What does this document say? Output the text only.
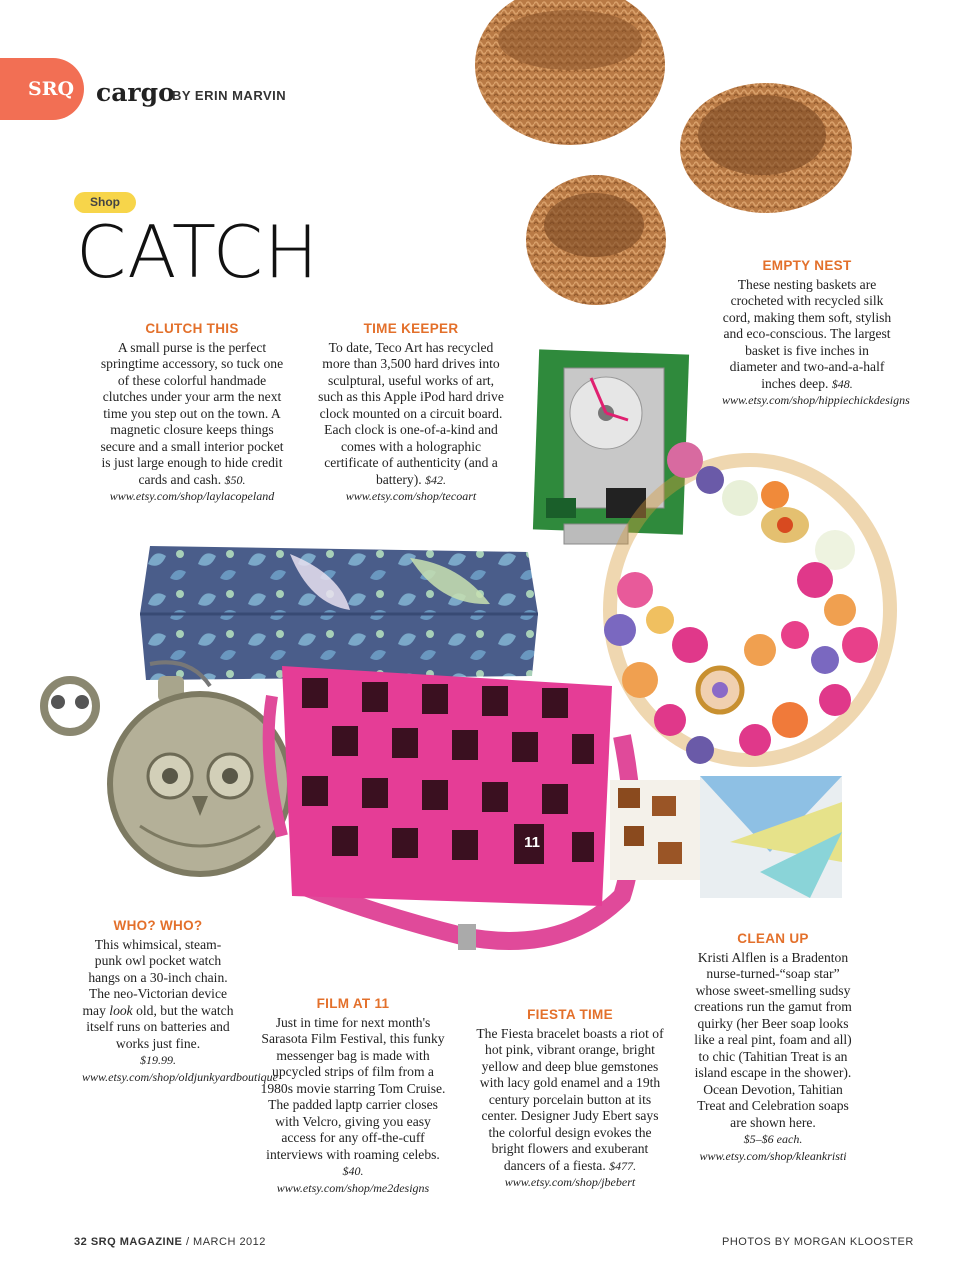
SRQ cargo
BY ERIN MARVIN
Shop
CATCH
11
CLUTCH THIS
A small purse is the perfect springtime accessory, so tuck one of these colorful handmade clutches under your arm the next time you step out on the town. A magnetic closure keeps things secure and a small interior pocket is just large enough to hide credit cards and cash. $50.
www.etsy.com/shop/laylacopeland
TIME KEEPER
To date, Teco Art has recycled more than 3,500 hard drives into sculptural, useful works of art, such as this Apple iPod hard drive clock mounted on a circuit board. Each clock is one-of-a-kind and comes with a holographic certificate of authenticity (and a battery). $42.
www.etsy.com/shop/tecoart
EMPTY NEST
These nesting baskets are crocheted with recycled silk cord, making them soft, stylish and eco-conscious. The largest basket is five inches in diameter and two-and-a-half inches deep. $48.
www.etsy.com/shop/hippiechickdesigns
WHO? WHO?
This whimsical, steam-punk owl pocket watch hangs on a 30-inch chain. The neo-Victorian device may look old, but the watch itself runs on batteries and works just fine.
$19.99. www.etsy.com/shop/oldjunkyardboutique
FILM AT 11
Just in time for next month's Sarasota Film Festival, this funky messenger bag is made with upcycled strips of film from a 1980s movie starring Tom Cruise. The padded laptp carrier closes with Velcro, giving you easy access for any off-the-cuff interviews with roaming celebs. $40.
www.etsy.com/shop/me2designs
FIESTA TIME
The Fiesta bracelet boasts a riot of hot pink, vibrant orange, bright yellow and deep blue gemstones with lacy gold enamel and a 19th century porcelain button at its center. Designer Judy Ebert says the colorful design evokes the bright flowers and exuberant dancers of a fiesta. $477.
www.etsy.com/shop/jbebert
CLEAN UP
Kristi Alflen is a Bradenton nurse-turned-“soap star” whose sweet-smelling sudsy creations run the gamut from quirky (her Beer soap looks like a real pint, foam and all) to chic (Tahitian Treat is an island escape in the shower). Ocean Devotion, Tahitian Treat and Celebration soaps are shown here.
$5–$6 each.
www.etsy.com/shop/kleankristi
32 SRQ MAGAZINE / MARCH 2012	PHOTOS BY MORGAN KLOOSTER
